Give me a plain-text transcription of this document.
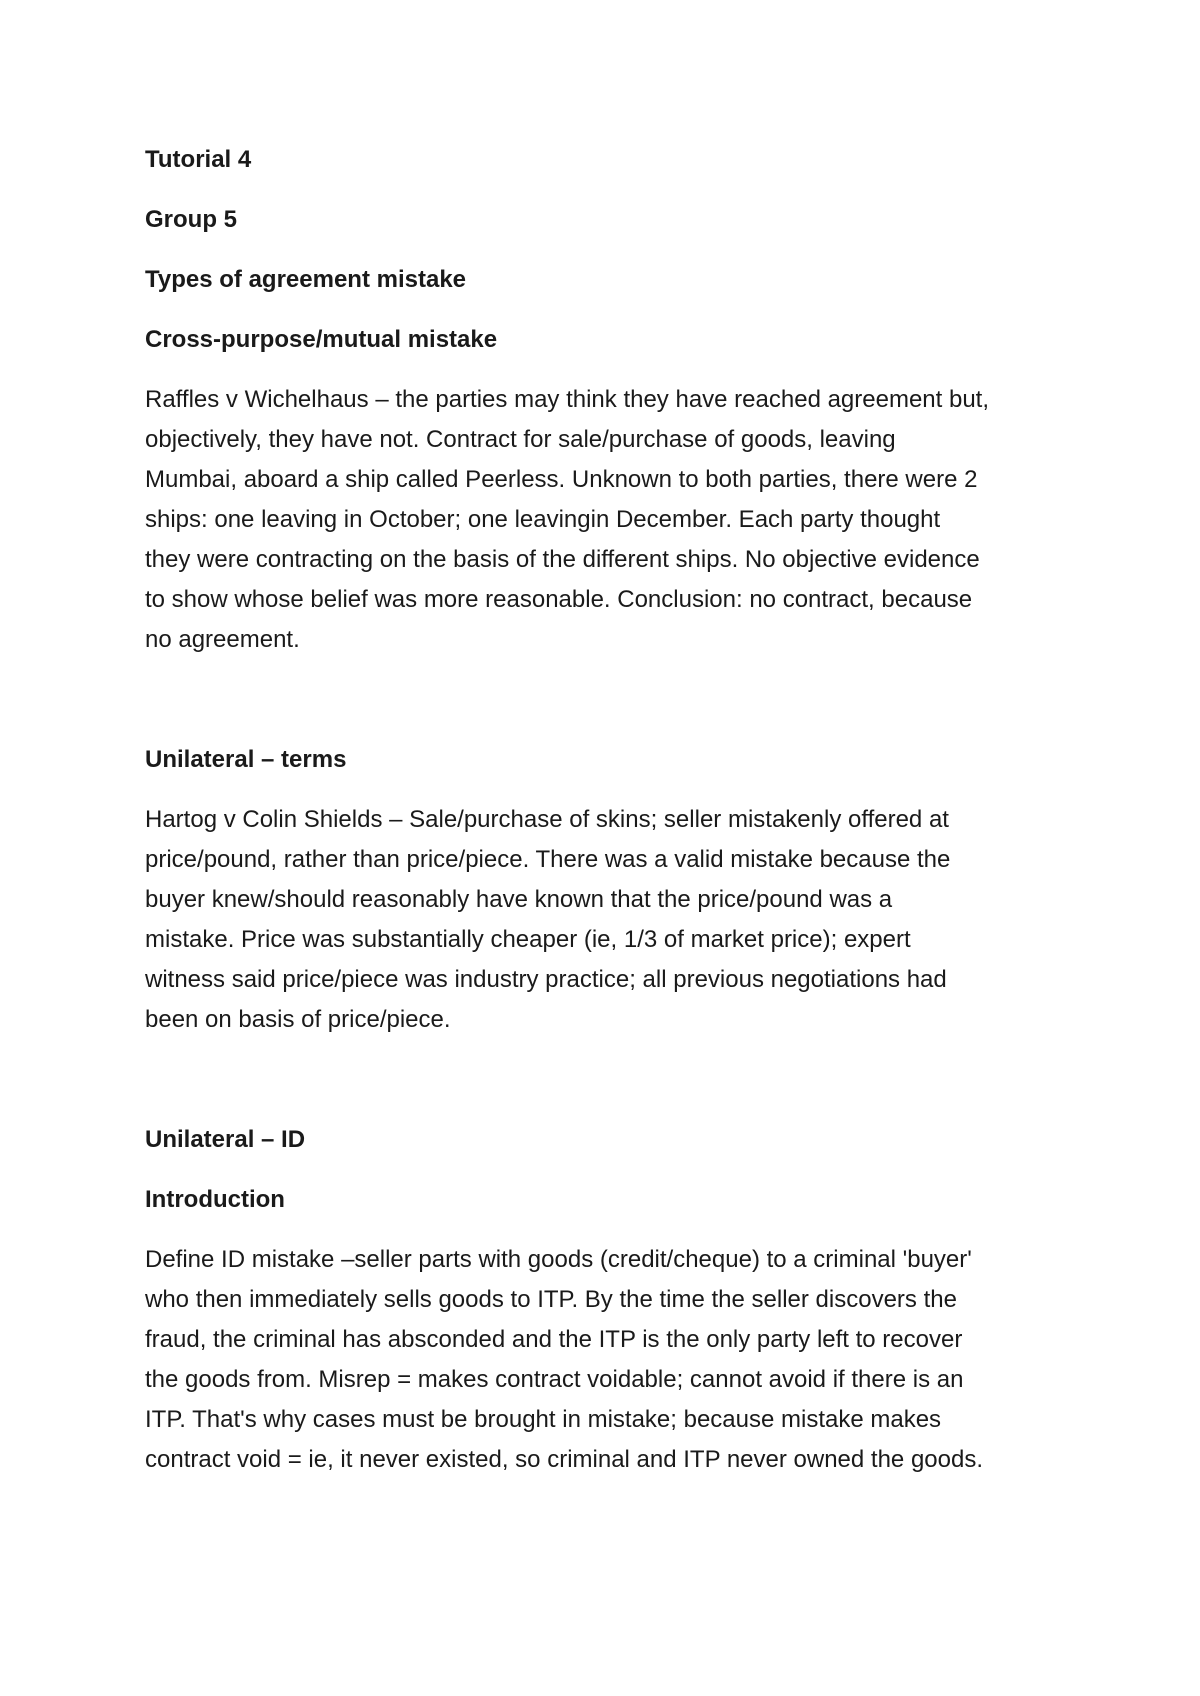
Tutorial 4

Group 5

Types of agreement mistake

Cross-purpose/mutual mistake

Raffles v Wichelhaus – the parties may think they have reached agreement but,

objectively, they have not. Contract for sale/purchase of goods, leaving

Mumbai, aboard a ship called Peerless. Unknown to both parties, there were 2

ships: one leaving in October; one leavingin December. Each party thought

they were contracting on the basis of the different ships. No objective evidence

to show whose belief was more reasonable. Conclusion: no contract, because

no agreement.

Unilateral – terms

Hartog v Colin Shields – Sale/purchase of skins; seller mistakenly offered at

price/pound, rather than price/piece. There was a valid mistake because the

buyer knew/should reasonably have known that the price/pound was a

mistake. Price was substantially cheaper (ie, 1/3 of market price); expert

witness said price/piece was industry practice; all previous negotiations had

been on basis of price/piece.

Unilateral – ID

Introduction

Define ID mistake –seller parts with goods (credit/cheque) to a criminal 'buyer'

who then immediately sells goods to ITP. By the time the seller discovers the

fraud, the criminal has absconded and the ITP is the only party left to recover

the goods from. Misrep = makes contract voidable; cannot avoid if there is an

ITP. That's why cases must be brought in mistake; because mistake makes

contract void = ie, it never existed, so criminal and ITP never owned the goods.
